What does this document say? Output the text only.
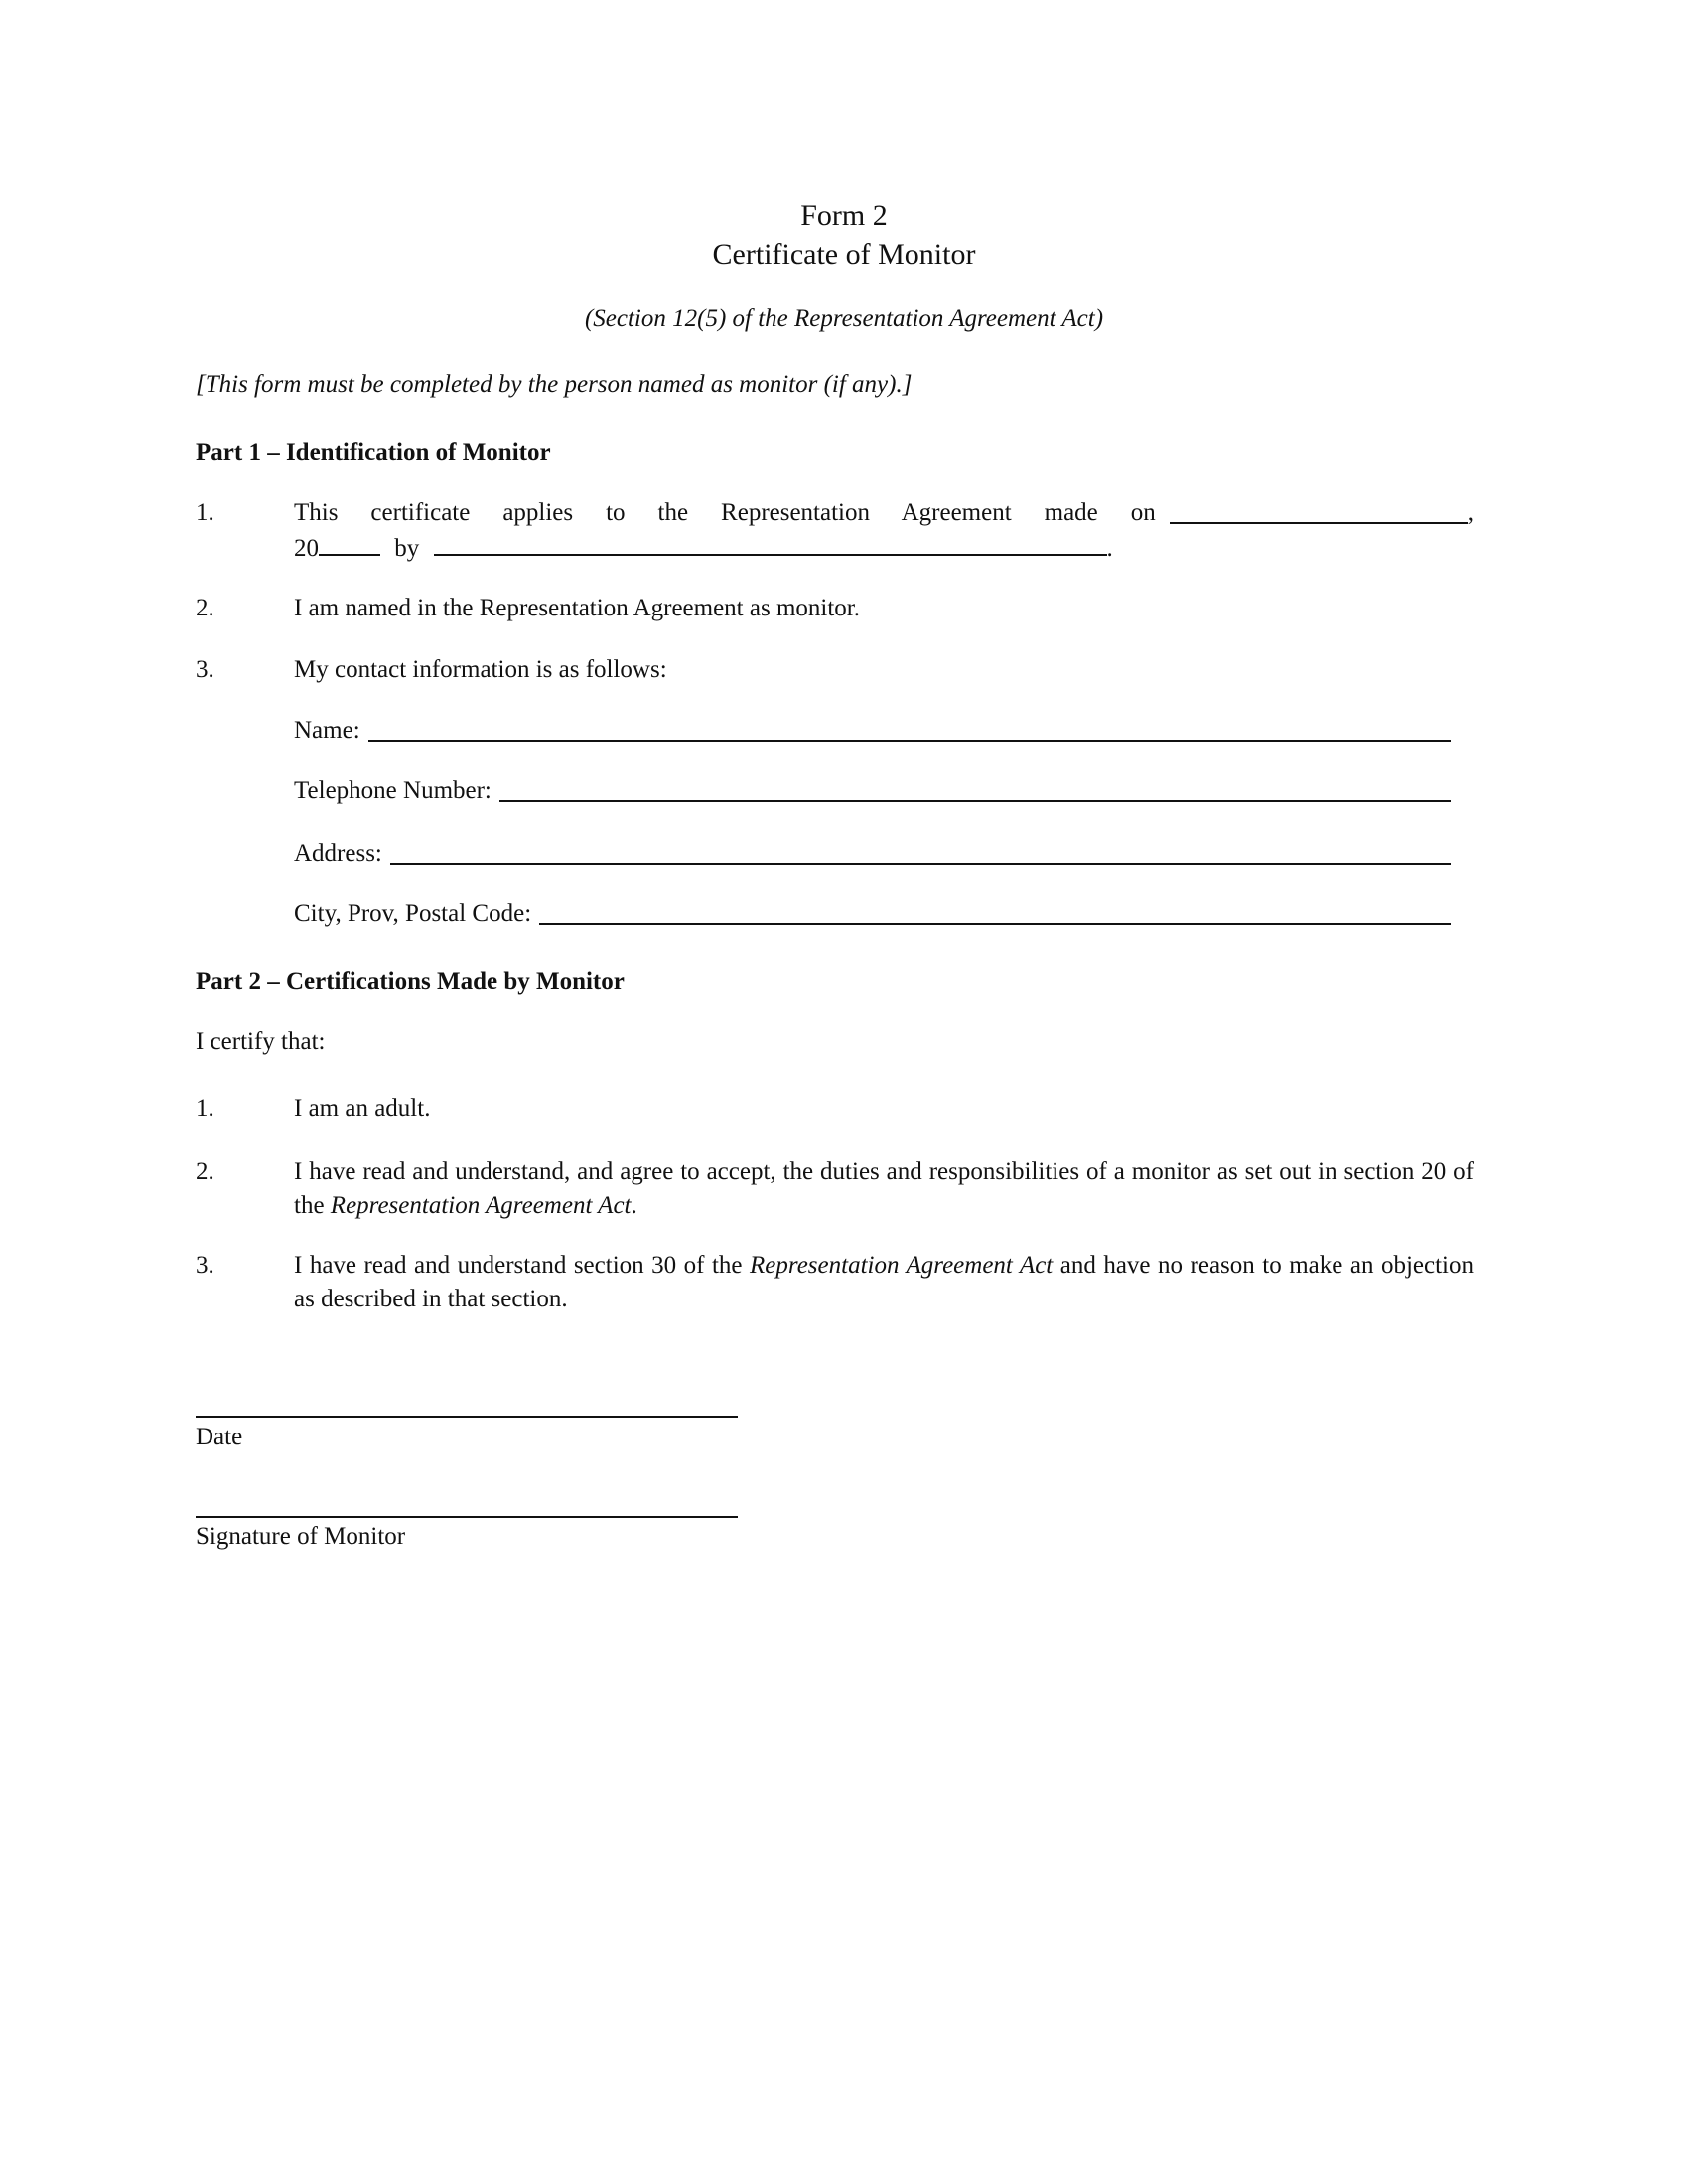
Form 2
Certificate of Monitor
(Section 12(5) of the Representation Agreement Act)
[This form must be completed by the person named as monitor (if any).]
Part 1 – Identification of Monitor
1.	This certificate applies to the Representation Agreement made on	,
20	by	.
2.	I am named in the Representation Agreement as monitor.
3.	My contact information is as follows:
Name:
Telephone Number:
Address:
City, Prov, Postal Code:
Part 2 – Certifications Made by Monitor
I certify that:
1.	I am an adult.
2.	I have read and understand, and agree to accept, the duties and responsibilities of a monitor as set out in section 20 of the Representation Agreement Act.
3.	I have read and understand section 30 of the Representation Agreement Act and have no reason to make an objection as described in that section.
Date
Signature of Monitor
